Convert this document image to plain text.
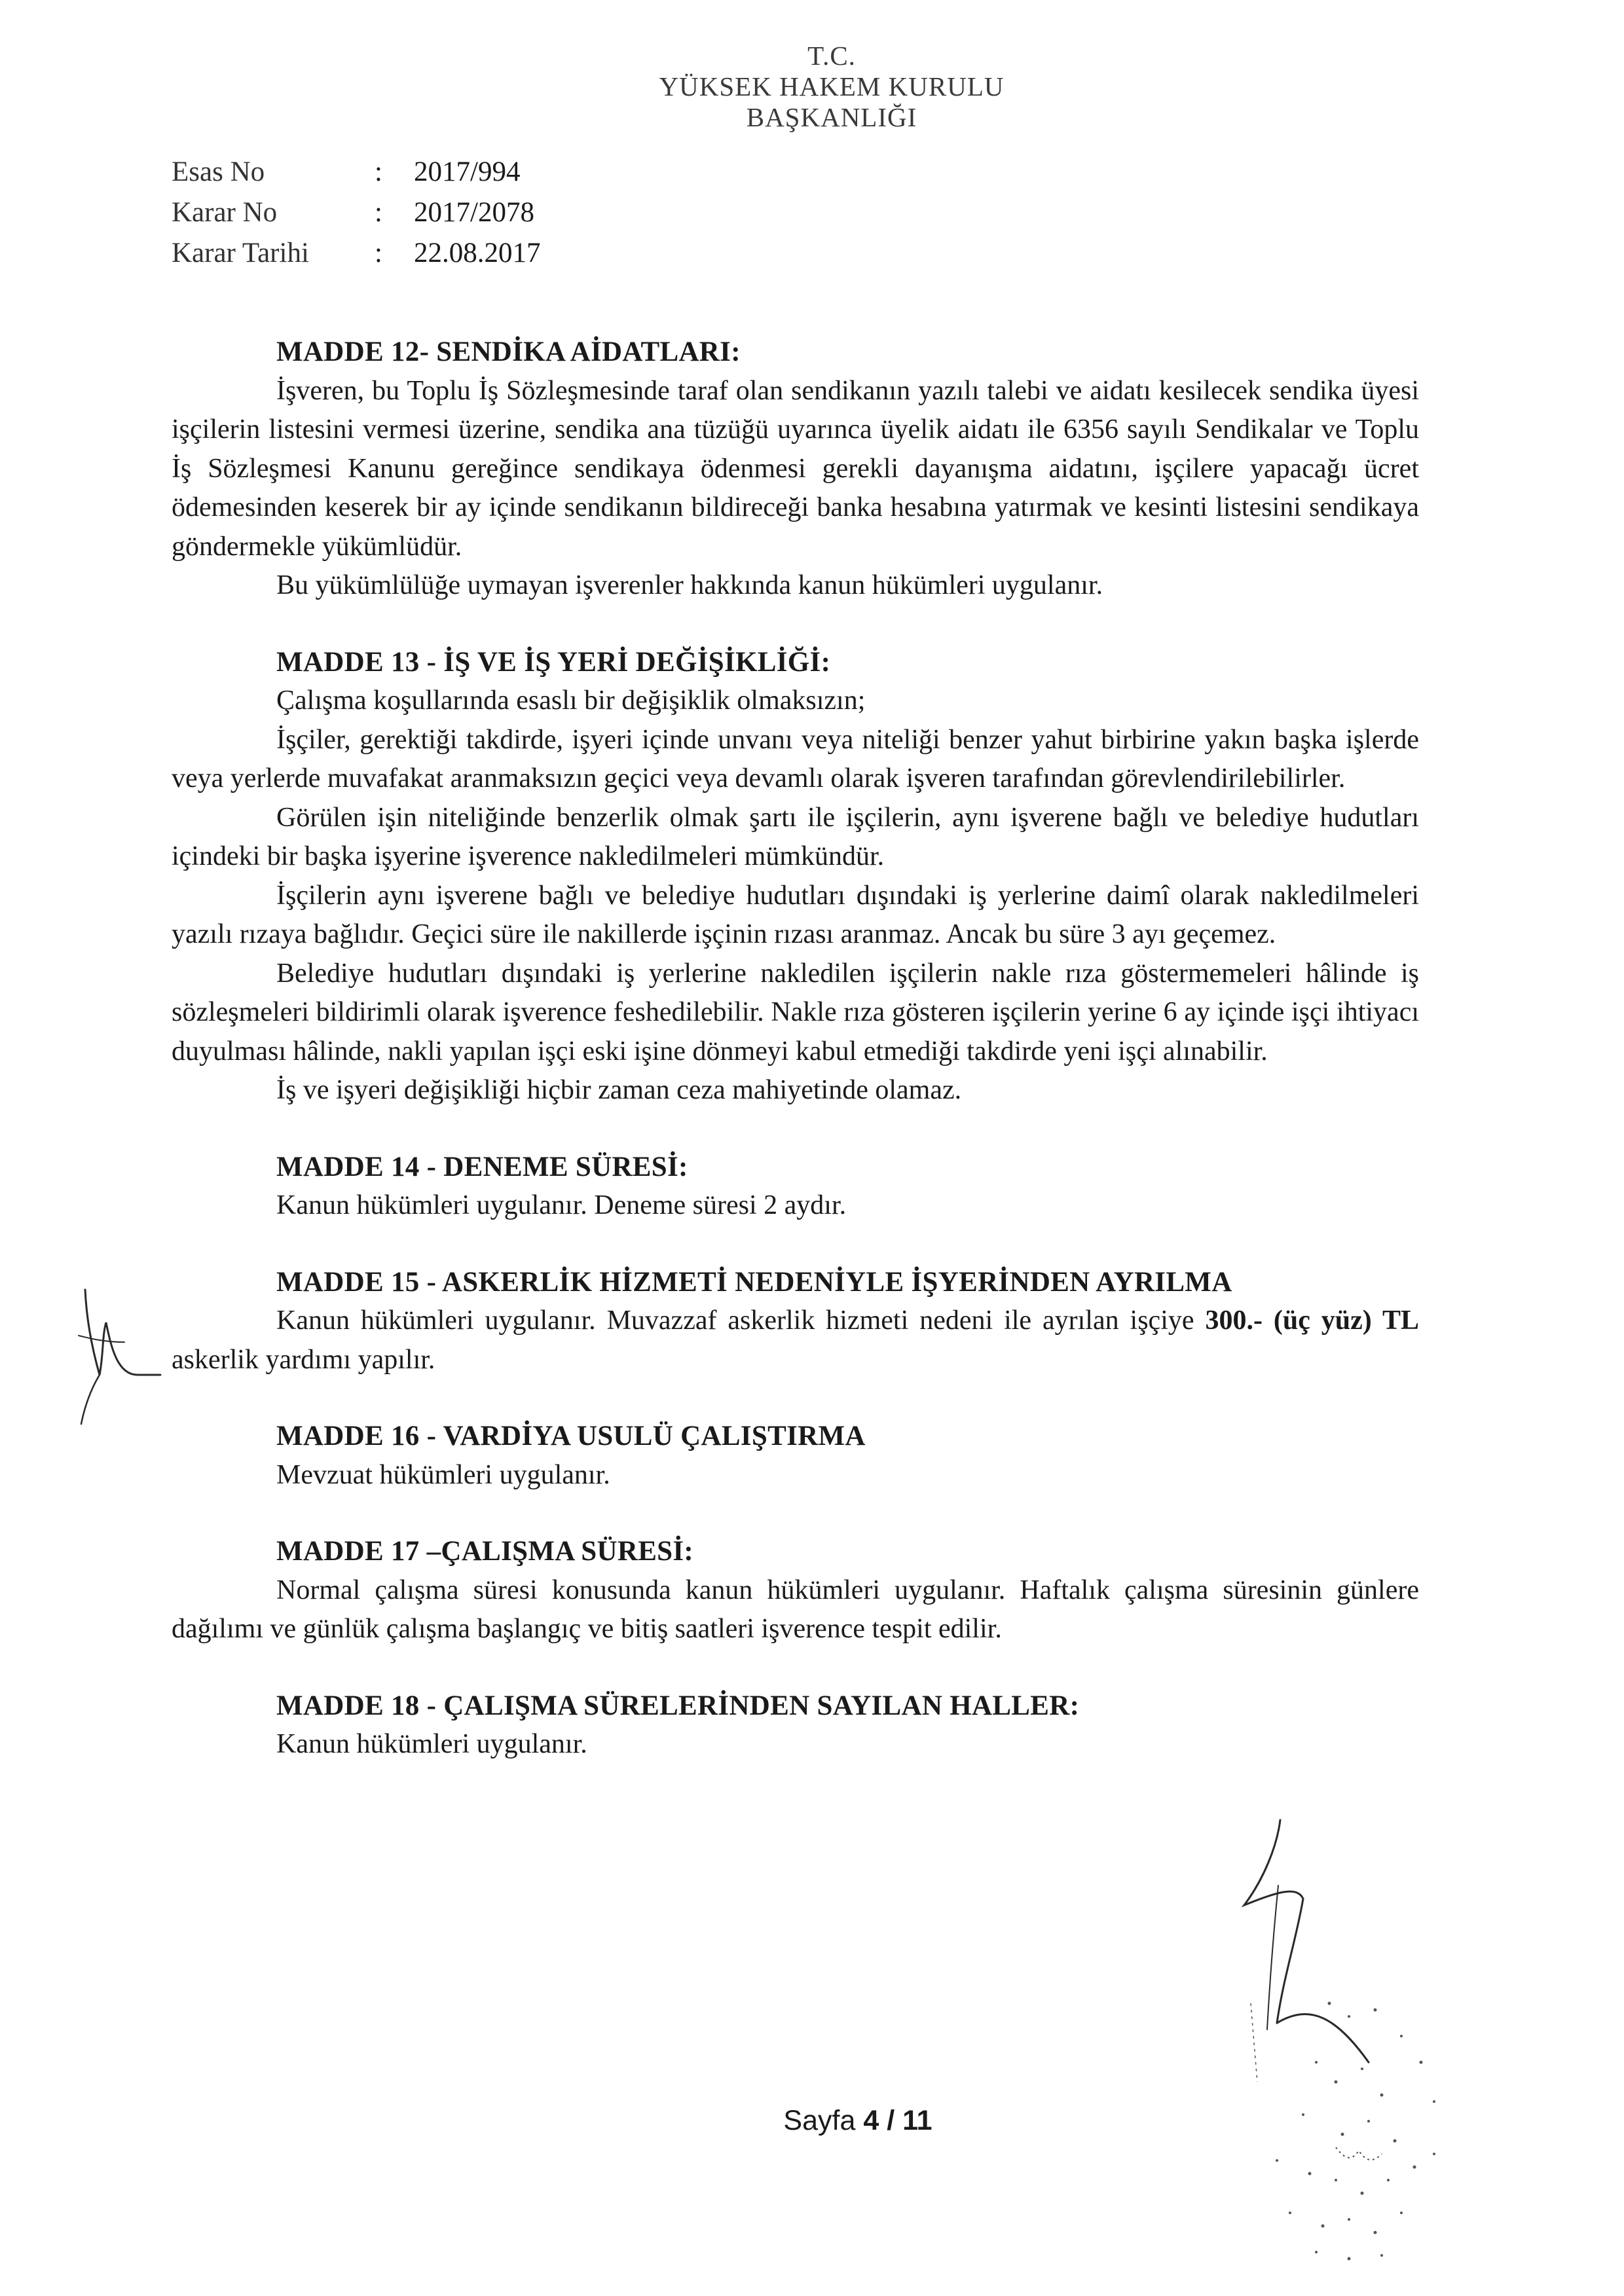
T.C.
YÜKSEK HAKEM KURULU
BAŞKANLIĞI
Esas No	:	2017/994
Karar No	:	2017/2078
Karar Tarihi	:	22.08.2017
MADDE 12- SENDİKA AİDATLARI:

İşveren, bu Toplu İş Sözleşmesinde taraf olan sendikanın yazılı talebi ve aidatı kesilecek sendika üyesi işçilerin listesini vermesi üzerine, sendika ana tüzüğü uyarınca üyelik aidatı ile 6356 sayılı Sendikalar ve Toplu İş Sözleşmesi Kanunu gereğince sendikaya ödenmesi gerekli dayanışma aidatını, işçilere yapacağı ücret ödemesinden keserek bir ay içinde sendikanın bildireceği banka hesabına yatırmak ve kesinti listesini sendikaya göndermekle yükümlüdür.

Bu yükümlülüğe uymayan işverenler hakkında kanun hükümleri uygulanır.

MADDE 13 - İŞ VE İŞ YERİ DEĞİŞİKLİĞİ:

Çalışma koşullarında esaslı bir değişiklik olmaksızın;

İşçiler, gerektiği takdirde, işyeri içinde unvanı veya niteliği benzer yahut birbirine yakın başka işlerde veya yerlerde muvafakat aranmaksızın geçici veya devamlı olarak işveren tarafından görevlendirilebilirler.

Görülen işin niteliğinde benzerlik olmak şartı ile işçilerin, aynı işverene bağlı ve belediye hudutları içindeki bir başka işyerine işverence nakledilmeleri mümkündür.

İşçilerin aynı işverene bağlı ve belediye hudutları dışındaki iş yerlerine daimî olarak nakledilmeleri yazılı rızaya bağlıdır. Geçici süre ile nakillerde işçinin rızası aranmaz. Ancak bu süre 3 ayı geçemez.

Belediye hudutları dışındaki iş yerlerine nakledilen işçilerin nakle rıza göstermemeleri hâlinde iş sözleşmeleri bildirimli olarak işverence feshedilebilir. Nakle rıza gösteren işçilerin yerine 6 ay içinde işçi ihtiyacı duyulması hâlinde, nakli yapılan işçi eski işine dönmeyi kabul etmediği takdirde yeni işçi alınabilir.

İş ve işyeri değişikliği hiçbir zaman ceza mahiyetinde olamaz.

MADDE 14 - DENEME SÜRESİ:

Kanun hükümleri uygulanır. Deneme süresi 2 aydır.

MADDE 15 - ASKERLİK HİZMETİ NEDENİYLE İŞYERİNDEN AYRILMA

Kanun hükümleri uygulanır. Muvazzaf askerlik hizmeti nedeni ile ayrılan işçiye 300.- (üç yüz) TL askerlik yardımı yapılır.

MADDE 16 - VARDİYA USULÜ ÇALIŞTIRMA

Mevzuat hükümleri uygulanır.

MADDE 17 –ÇALIŞMA SÜRESİ:

Normal çalışma süresi konusunda kanun hükümleri uygulanır. Haftalık çalışma süresinin günlere dağılımı ve günlük çalışma başlangıç ve bitiş saatleri işverence tespit edilir.

MADDE 18 - ÇALIŞMA SÜRELERİNDEN SAYILAN HALLER:

Kanun hükümleri uygulanır.

Sayfa 4 / 11
